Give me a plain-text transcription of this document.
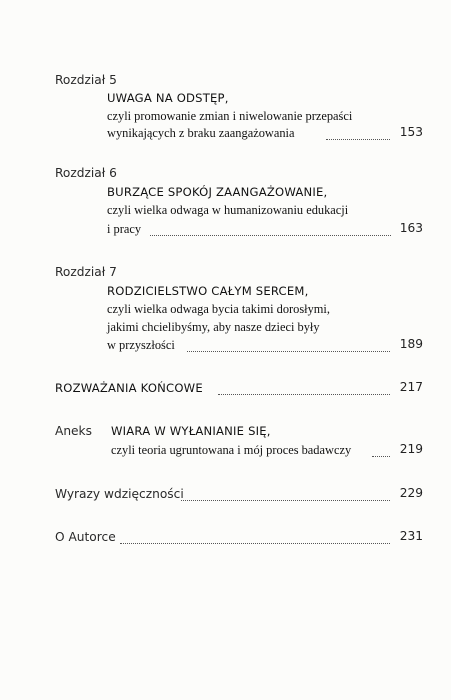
Rozdział 5
UWAGA NA ODSTĘP,
czyli promowanie zmian i niwelowanie przepaści
wynikających z braku zaangażowania	153
Rozdział 6
BURZĄCE SPOKÓJ ZAANGAŻOWANIE,
czyli wielka odwaga w humanizowaniu edukacji
i pracy	163
Rozdział 7
RODZICIELSTWO CAŁYM SERCEM,
czyli wielka odwaga bycia takimi dorosłymi,
jakimi chcielibyśmy, aby nasze dzieci były
w przyszłości	189
ROZWAŻANIA KOŃCOWE	217
Aneks WIARA W WYŁANIANIE SIĘ,
czyli teoria ugruntowana i mój proces badawczy	219
Wyrazy wdzięczności	229
O Autorce	231
